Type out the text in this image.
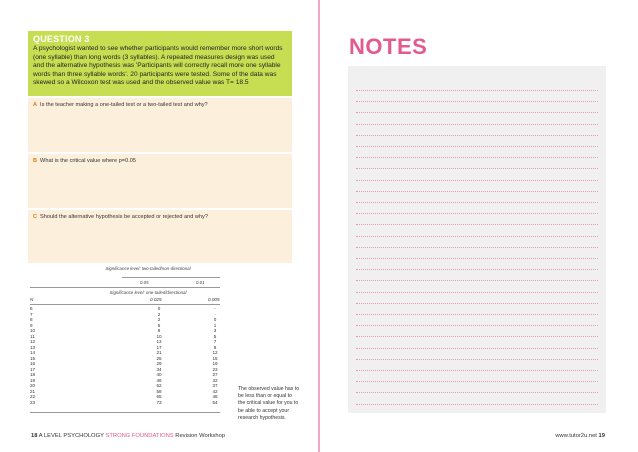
QUESTION 3
A psychologist wanted to see whether participants would remember more short words (one syllable) than long words (3 syllables). A repeated measures design was used and the alternative hypothesis was 'Participants will correctly recall more one syllable words than three syllable words'. 20 participants were tested. Some of the data was skewed so a Wilcoxon test was used and the observed value was T= 18.5
A Is the teacher making a one-tailed test or a two-tailed test and why?
B What is the critical value where p=0.05
C Should the alternative hypothesis be accepted or rejected and why?
Significance level: two-tailed/non-directional
0.05	0.01
Significance level: one-tailed/directional
N	0.025	0.005
6	0	-
7	2	-
8	2	0
9	5	1
10	8	3
11	10	5
12	13	7
13	17	9
14	21	12
15	25	15
16	29	19
17	34	23
18	40	27
19	46	32
20	52	37
21	58	42
22	65	48
23	73	54
The observed value has to be less than or equal to the critical value for you to be able to accept your research hypothesis.
18 A LEVEL PSYCHOLOGY STRONG FOUNDATIONS Revision Workshop	www.tutor2u.net 19
NOTES
